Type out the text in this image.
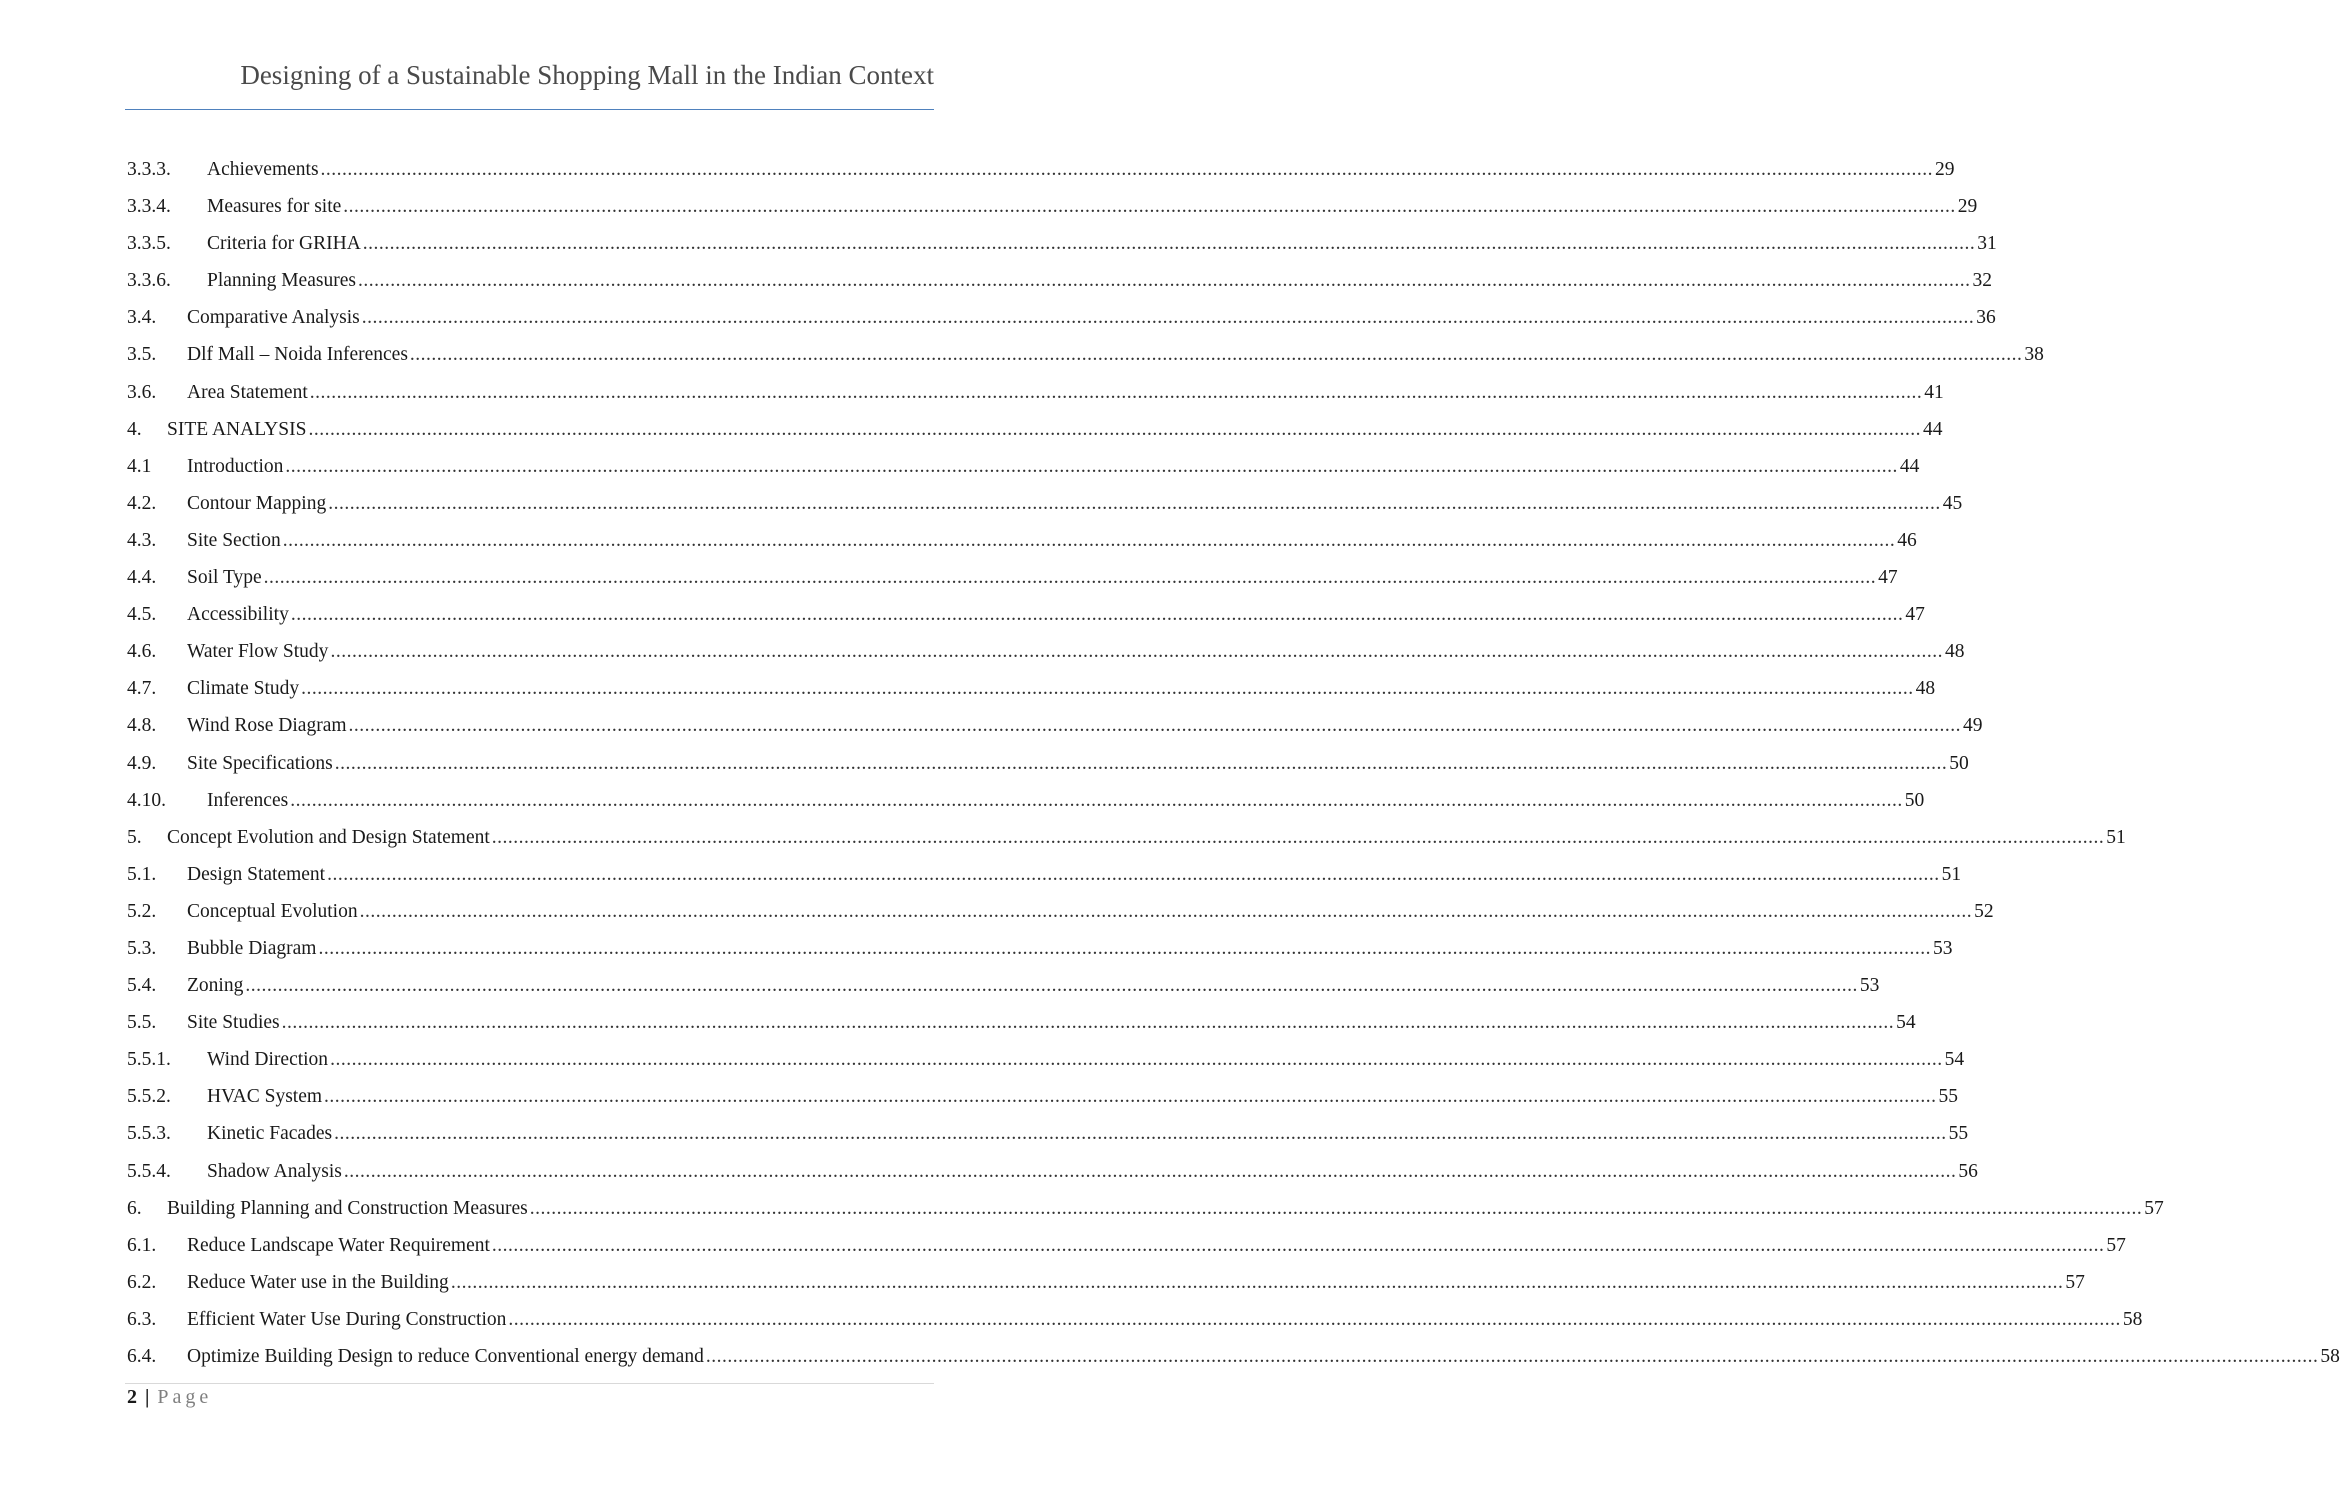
Designing of a Sustainable Shopping Mall in the Indian Context
3.3.3.	Achievements ............................................................................................................................................................................................................................................................................................................ 29
3.3.4.	Measures for site ............................................................................................................................................................................................................................................................................................................ 29
3.3.5.	Criteria for GRIHA ............................................................................................................................................................................................................................................................................................................ 31
3.3.6.	Planning Measures ............................................................................................................................................................................................................................................................................................................ 32
3.4.	Comparative Analysis ............................................................................................................................................................................................................................................................................................................ 36
3.5.	Dlf Mall – Noida Inferences ............................................................................................................................................................................................................................................................................................................ 38
3.6.	Area Statement ............................................................................................................................................................................................................................................................................................................ 41
4.	SITE ANALYSIS ............................................................................................................................................................................................................................................................................................................ 44
4.1	Introduction ............................................................................................................................................................................................................................................................................................................ 44
4.2.	Contour Mapping ............................................................................................................................................................................................................................................................................................................ 45
4.3.	Site Section ............................................................................................................................................................................................................................................................................................................ 46
4.4.	Soil Type ............................................................................................................................................................................................................................................................................................................ 47
4.5.	Accessibility ............................................................................................................................................................................................................................................................................................................ 47
4.6.	Water Flow Study ............................................................................................................................................................................................................................................................................................................ 48
4.7.	Climate Study ............................................................................................................................................................................................................................................................................................................ 48
4.8.	Wind Rose Diagram ............................................................................................................................................................................................................................................................................................................ 49
4.9.	Site Specifications ............................................................................................................................................................................................................................................................................................................ 50
4.10.	Inferences ............................................................................................................................................................................................................................................................................................................ 50
5.	Concept Evolution and Design Statement ............................................................................................................................................................................................................................................................................................................ 51
5.1.	Design Statement ............................................................................................................................................................................................................................................................................................................ 51
5.2.	Conceptual Evolution ............................................................................................................................................................................................................................................................................................................ 52
5.3.	Bubble Diagram ............................................................................................................................................................................................................................................................................................................ 53
5.4.	Zoning ............................................................................................................................................................................................................................................................................................................ 53
5.5.	Site Studies ............................................................................................................................................................................................................................................................................................................ 54
5.5.1.	Wind Direction ............................................................................................................................................................................................................................................................................................................ 54
5.5.2.	HVAC System ............................................................................................................................................................................................................................................................................................................ 55
5.5.3.	Kinetic Facades ............................................................................................................................................................................................................................................................................................................ 55
5.5.4.	Shadow Analysis ............................................................................................................................................................................................................................................................................................................ 56
6.	Building Planning and Construction Measures ............................................................................................................................................................................................................................................................................................................ 57
6.1.	Reduce Landscape Water Requirement ............................................................................................................................................................................................................................................................................................................ 57
6.2.	Reduce Water use in the Building ............................................................................................................................................................................................................................................................................................................ 57
6.3.	Efficient Water Use During Construction ............................................................................................................................................................................................................................................................................................................ 58
6.4.	Optimize Building Design to reduce Conventional energy demand ............................................................................................................................................................................................................................................................................................................ 58
2 | Page
